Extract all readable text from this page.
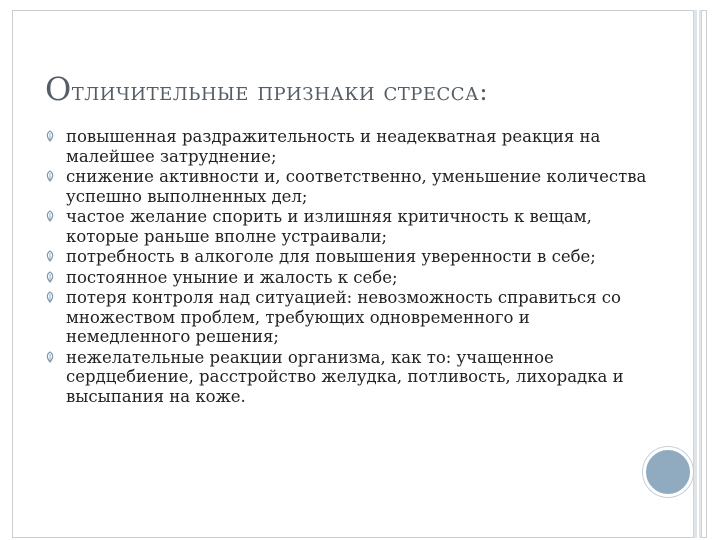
Отличительные признаки стресса:
повышенная раздражительность и неадекватная реакция на малейшее затруднение;
снижение активности и, соответственно, уменьшение количества успешно выполненных дел;
частое желание спорить и излишняя критичность к вещам, которые раньше вполне устраивали;
потребность в алкоголе для повышения уверенности в себе;
постоянное уныние и жалость к себе;
потеря контроля над ситуацией: невозможность справиться со множеством проблем, требующих одновременного и немедленного решения;
нежелательные реакции организма, как то: учащенное сердцебиение, расстройство желудка, потливость, лихорадка и высыпания на коже.
